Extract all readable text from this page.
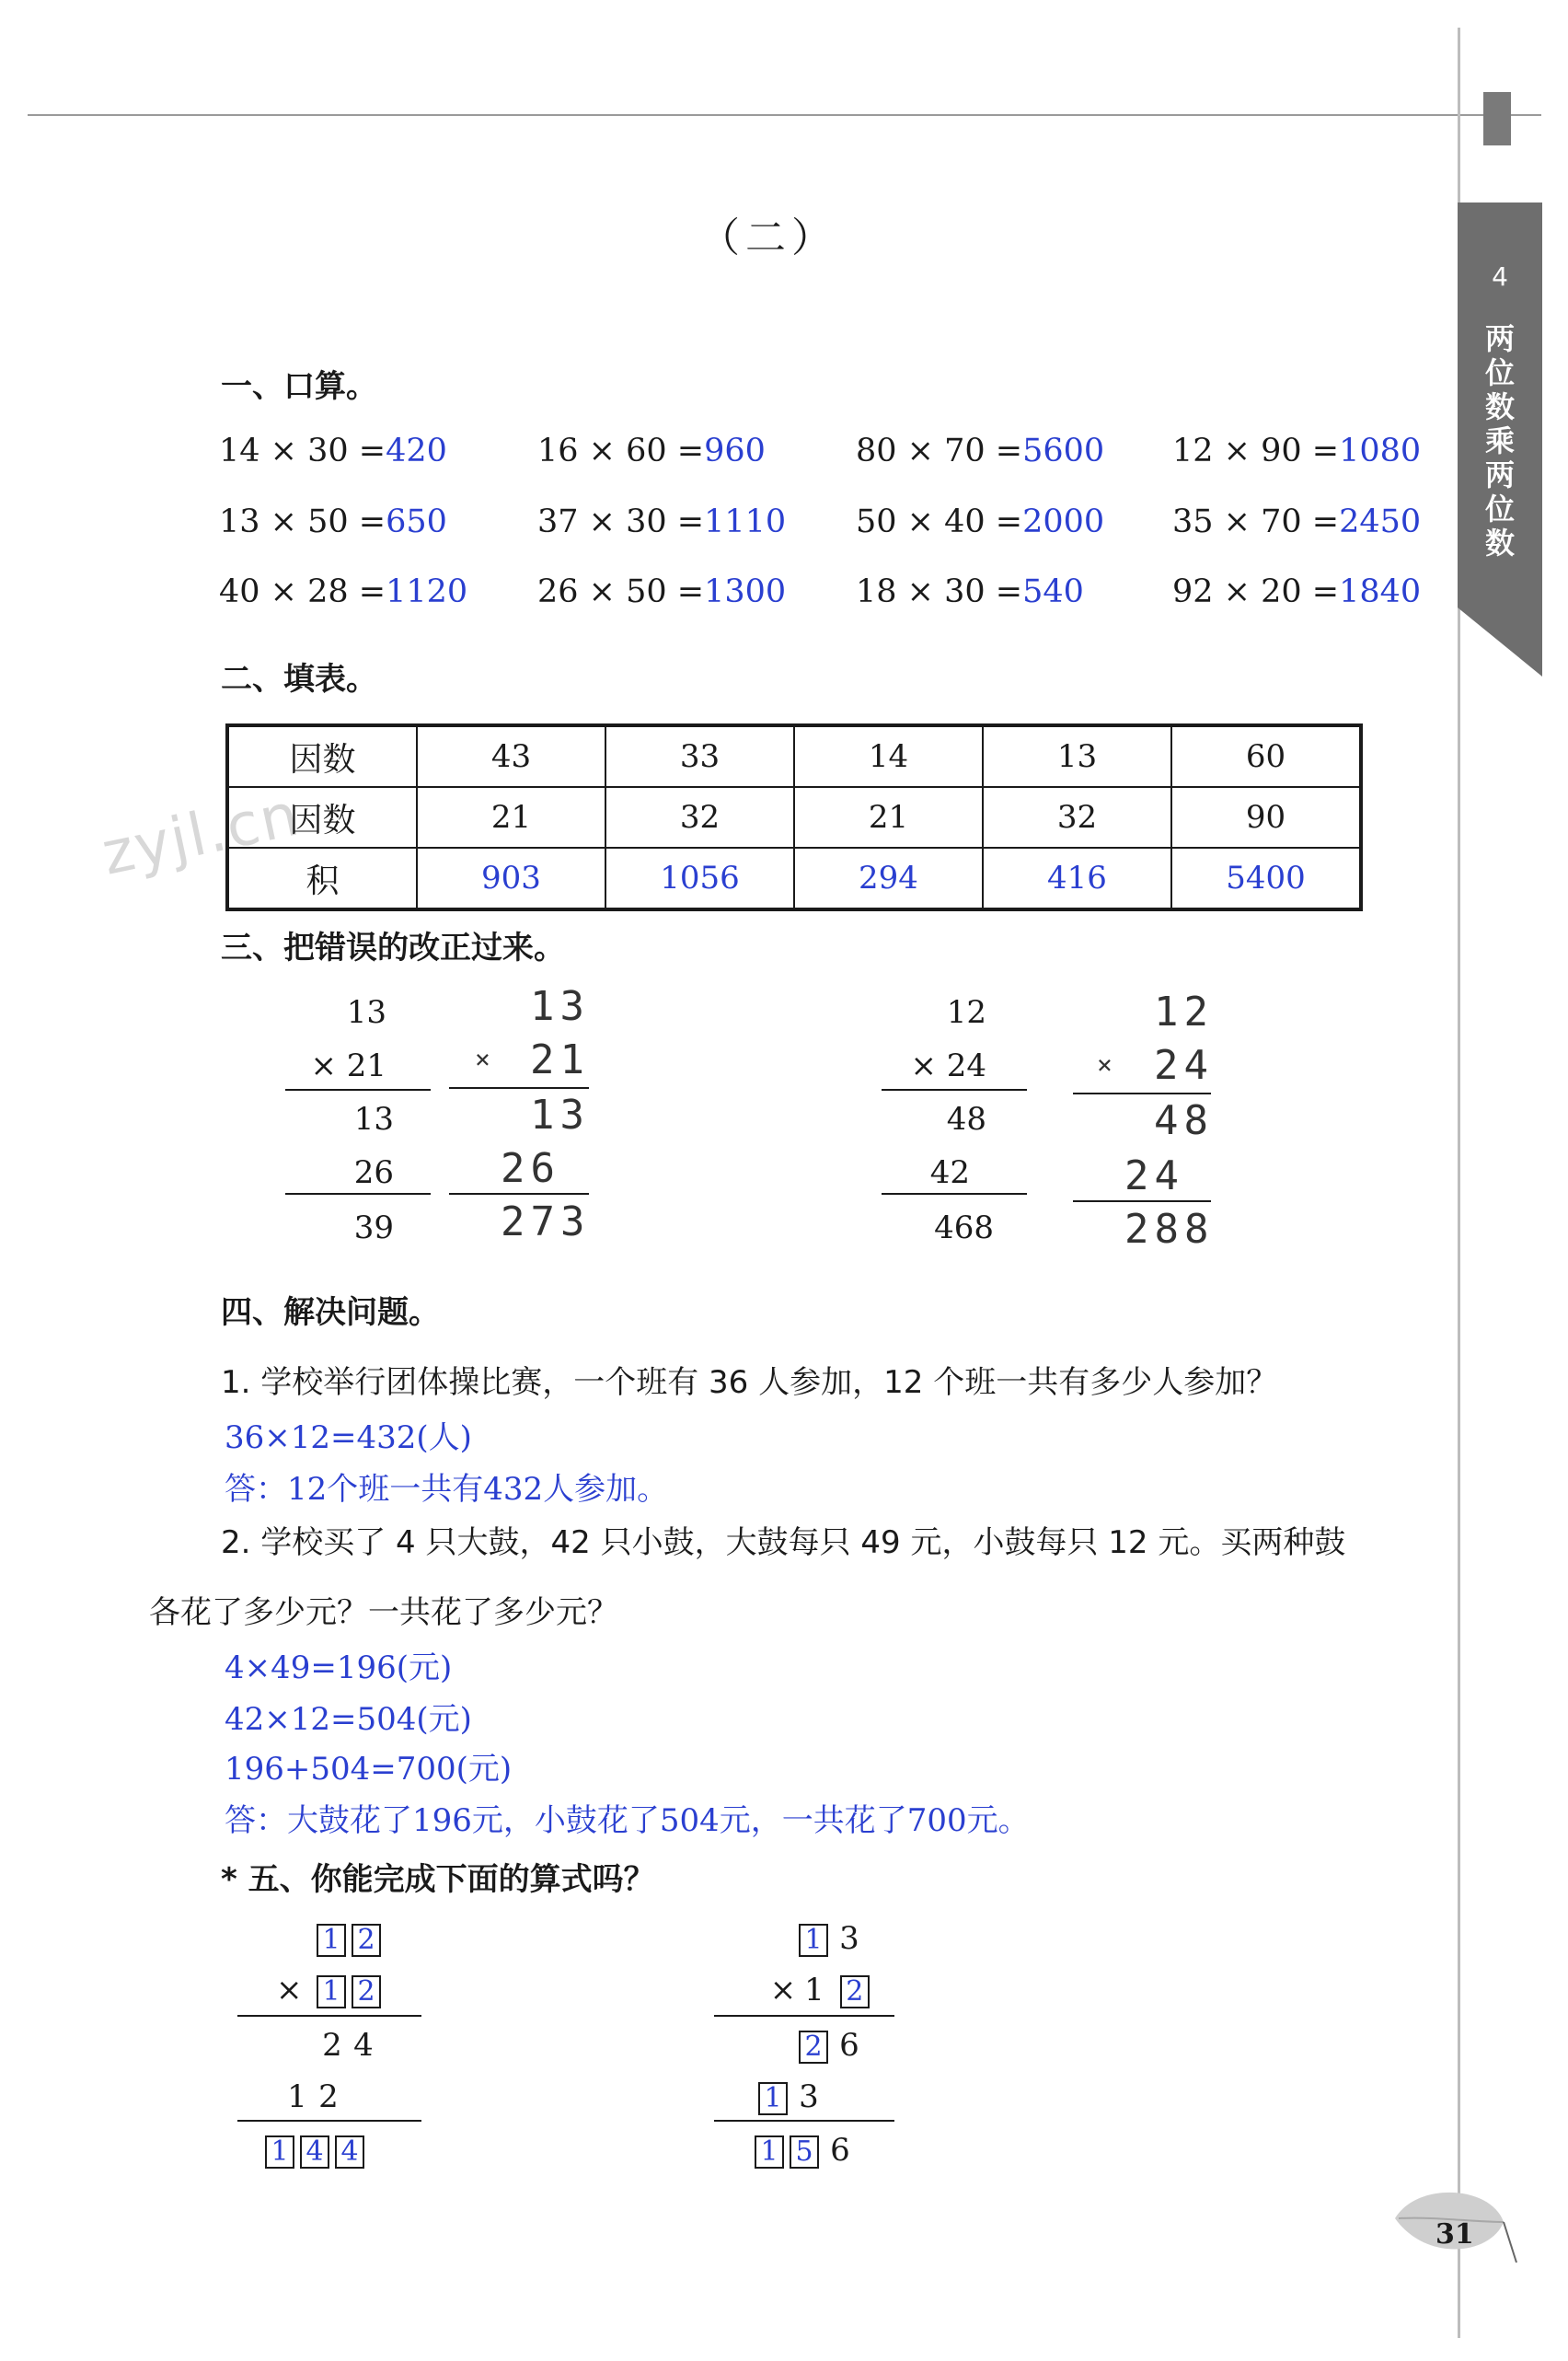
4
两
位
数
乘
两
位
数
zyjl.cn
（二）
一、口算。
14 × 30 =420	16 × 60 =960	80 × 70 =5600 12 × 90 =1080
13 × 50 =650	37 × 30 =1110 50 × 40 =2000 35 × 70 =2450
40 × 28 =1120 26 × 50 =1300 18 × 30 =540	92 × 20 =1840
二、填表。
因数	43	33	14	13	60
因数	21	32	21	32	90
积	903	1056	294	416	5400
三、把错误的改正过来。
13
× 21
13
26
39
13
× 21
13
26
273
12
× 24
48
42
468
12
× 24
48
24
288
四、解决问题。
1. 学校举行团体操比赛，一个班有 36 人参加，12 个班一共有多少人参加？
36×12=432(人)
答：12个班一共有432人参加。
2. 学校买了 4 只大鼓，42 只小鼓，大鼓每只 49 元，小鼓每只 12 元。买两种鼓
各花了多少元？一共花了多少元？
4×49=196(元)
42×12=504(元)
196+504=700(元)
答：大鼓花了196元，小鼓花了504元，一共花了700元。
* 五、你能完成下面的算式吗？
1 2
× 1 2
2 4
1 2
1 4 4
1 3
× 1 2
2 6
1 3
1 5 6
31
